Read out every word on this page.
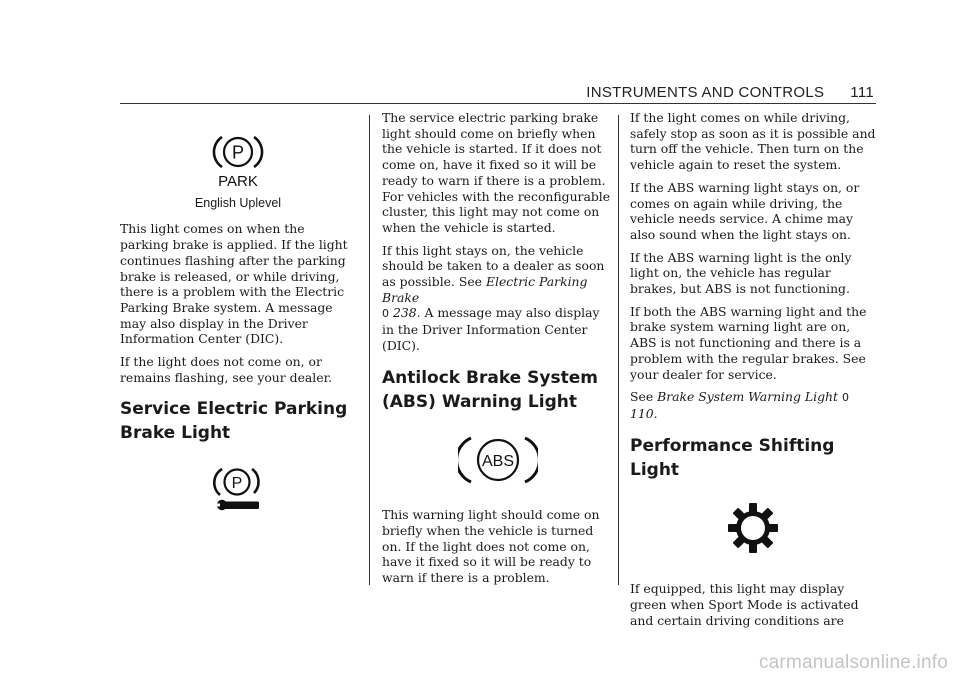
INSTRUMENTS AND CONTROLS 111
P
PARK
English Uplevel

This light comes on when the parking brake is applied. If the light continues flashing after the parking brake is released, or while driving, there is a problem with the Electric Parking Brake system. A message may also display in the Driver Information Center (DIC).

If the light does not come on, or remains flashing, see your dealer.

Service Electric Parking
Brake Light
P

The service electric parking brake light should come on briefly when the vehicle is started. If it does not come on, have it fixed so it will be ready to warn if there is a problem. For vehicles with the reconfigurable cluster, this light may not come on when the vehicle is started.

If this light stays on, the vehicle should be taken to a dealer as soon as possible. See Electric Parking Brake
0 238. A message may also display in the Driver Information Center (DIC).

Antilock Brake System
(ABS) Warning Light
ABS

This warning light should come on briefly when the vehicle is turned on. If the light does not come on, have it fixed so it will be ready to warn if there is a problem.

If the light comes on while driving, safely stop as soon as it is possible and turn off the vehicle. Then turn on the vehicle again to reset the system.

If the ABS warning light stays on, or comes on again while driving, the vehicle needs service. A chime may also sound when the light stays on.

If the ABS warning light is the only light on, the vehicle has regular brakes, but ABS is not functioning.

If both the ABS warning light and the brake system warning light are on, ABS is not functioning and there is a problem with the regular brakes. See your dealer for service.

See Brake System Warning Light 0 110.

Performance Shifting Light

If equipped, this light may display green when Sport Mode is activated and certain driving conditions are

carmanualsonline.info
